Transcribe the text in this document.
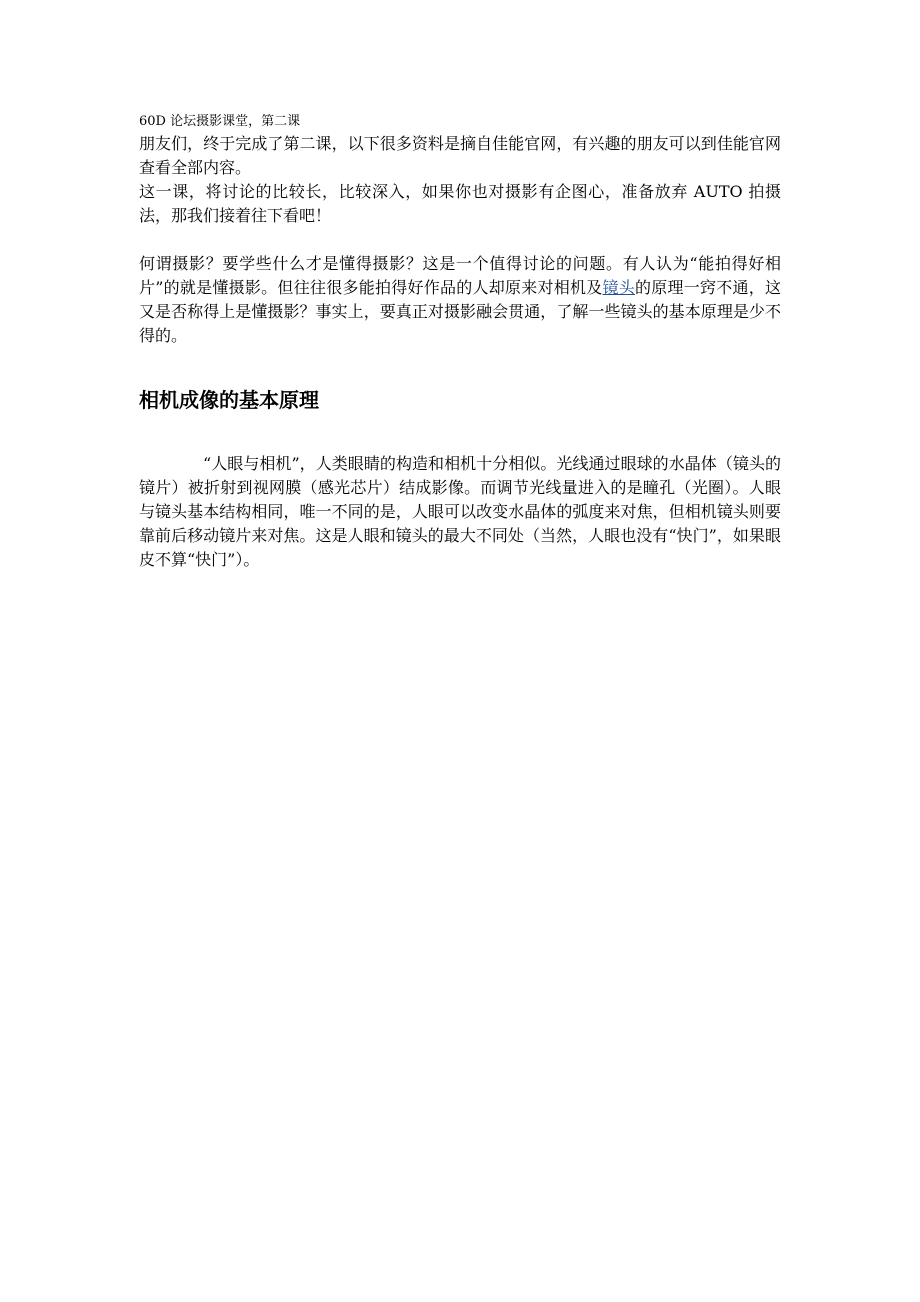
60D 论坛摄影课堂，第二课

朋友们，终于完成了第二课，以下很多资料是摘自佳能官网，有兴趣的朋友可以到佳能官网查看全部内容。

这一课，将讨论的比较长，比较深入，如果你也对摄影有企图心，准备放弃 AUTO 拍摄法，那我们接着往下看吧！

何谓摄影？要学些什么才是懂得摄影？这是一个值得讨论的问题。有人认为“能拍得好相片”的就是懂摄影。但往往很多能拍得好作品的人却原来对相机及镜头的原理一窍不通，这又是否称得上是懂摄影？事实上，要真正对摄影融会贯通，了解一些镜头的基本原理是少不得的。

相机成像的基本原理

“人眼与相机”，人类眼睛的构造和相机十分相似。光线通过眼球的水晶体（镜头的镜片）被折射到视网膜（感光芯片）结成影像。而调节光线量进入的是瞳孔（光圈）。人眼与镜头基本结构相同，唯一不同的是，人眼可以改变水晶体的弧度来对焦，但相机镜头则要靠前后移动镜片来对焦。这是人眼和镜头的最大不同处（当然，人眼也没有“快门”，如果眼皮不算“快门”）。
